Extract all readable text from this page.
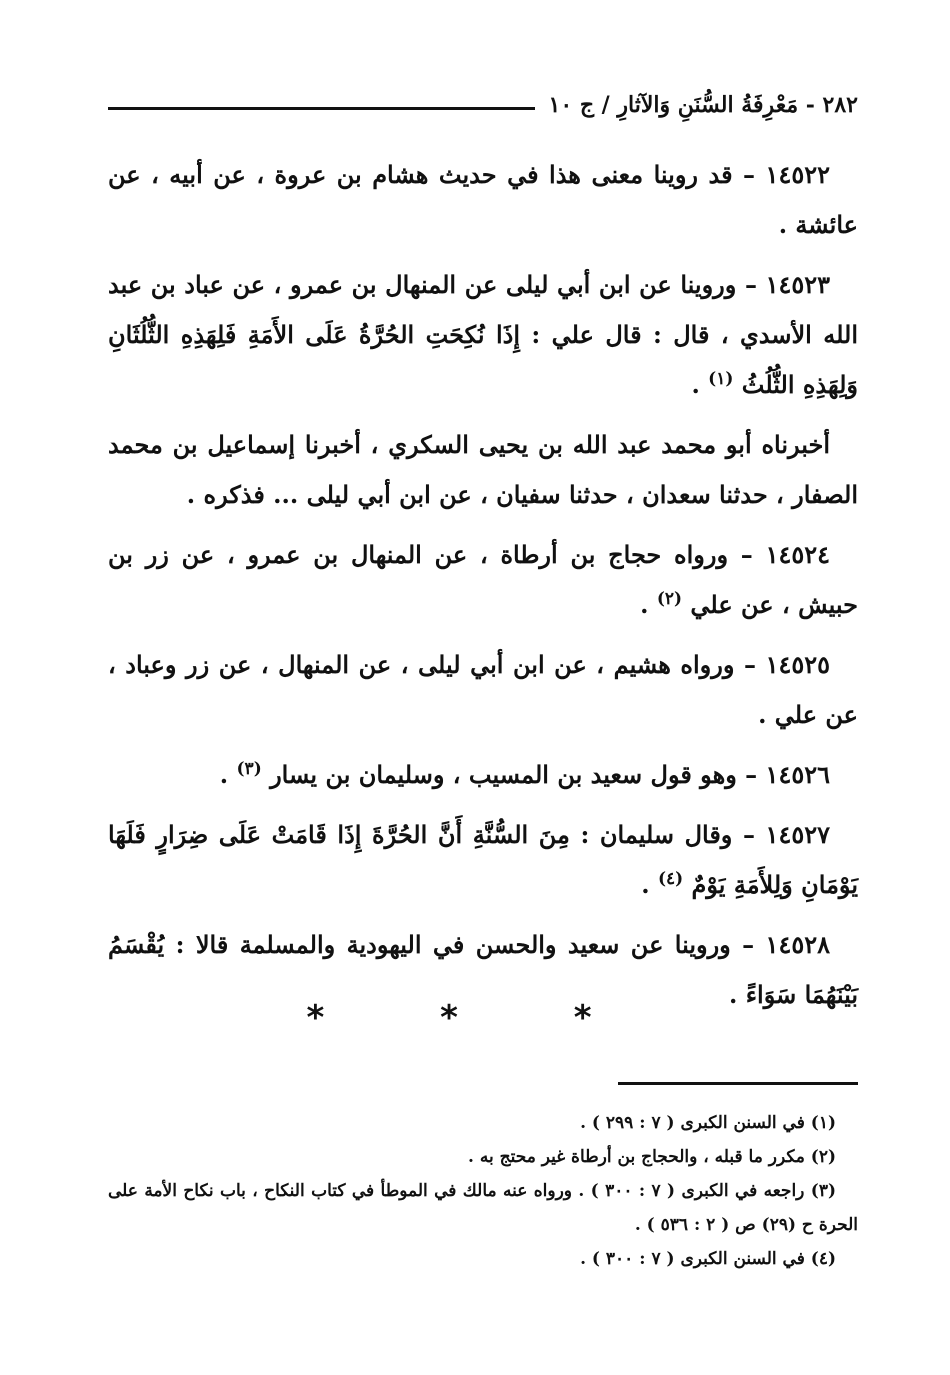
٢٨٢ - مَعْرِفَةُ السُّنَنِ وَالآثارِ / ج ١٠

١٤٥٢٢ – قد روينا معنى هذا في حديث هشام بن عروة ، عن أبيه ، عن عائشة .

١٤٥٢٣ – وروينا عن ابن أبي ليلى عن المنهال بن عمرو ، عن عباد بن عبد الله الأسدي ، قال : قال علي : إِذَا نُكِحَتِ الحُرَّةُ عَلَى الأَمَةِ فَلِهَذِهِ الثُّلُثَانِ وَلِهَذِهِ الثُّلُثُ $^{(١)}$ .

أخبرناه أبو محمد عبد الله بن يحيى السكري ، أخبرنا إسماعيل بن محمد الصفار ، حدثنا سعدان ، حدثنا سفيان ، عن ابن أبي ليلى ... فذكره .

١٤٥٢٤ – ورواه حجاج بن أرطاة ، عن المنهال بن عمرو ، عن زر بن حبيش ، عن علي $^{(٢)}$ .

١٤٥٢٥ – ورواه هشيم ، عن ابن أبي ليلى ، عن المنهال ، عن زر وعباد ، عن علي .

١٤٥٢٦ – وهو قول سعيد بن المسيب ، وسليمان بن يسار $^{(٣)}$ .

١٤٥٢٧ – وقال سليمان : مِنَ السُّنَّةِ أَنَّ الحُرَّةَ إِذَا قَامَتْ عَلَى ضِرَارٍ فَلَهَا يَوْمَانِ وَلِلأَمَةِ يَوْمٌ $^{(٤)}$ .

١٤٥٢٨ – وروينا عن سعيد والحسن في اليهودية والمسلمة قالا : يُقْسَمُ بَيْنَهُمَا سَوَاءً .

* * *

(١) في السنن الكبرى ( ٧ : ٢٩٩ ) .

(٢) مكرر ما قبله ، والحجاج بن أرطاة غير محتج به .

(٣) راجعه في الكبرى ( ٧ : ٣٠٠ ) . ورواه عنه مالك في الموطأ في كتاب النكاح ، باب نكاح الأمة على الحرة ح (٢٩) ص ( ٢ : ٥٣٦ ) .

(٤) في السنن الكبرى ( ٧ : ٣٠٠ ) .
